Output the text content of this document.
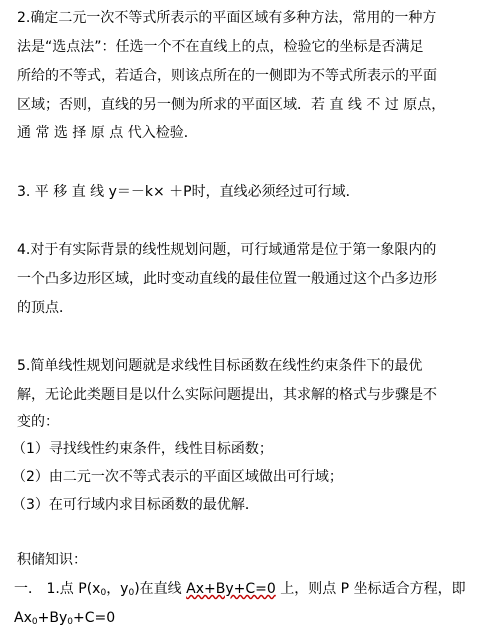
2.确定二元一次不等式所表示的平面区域有多种方法，常用的一种方
法是“选点法”：任选一个不在直线上的点，检验它的坐标是否满足
所给的不等式，若适合，则该点所在的一侧即为不等式所表示的平面
区域；否则，直线的另一侧为所求的平面区域．若 直 线 不 过 原点，
通 常 选 择 原 点 代入检验．
3. 平 移 直 线 y＝－k× ＋P时，直线必须经过可行域．
4.对于有实际背景的线性规划问题，可行域通常是位于第一象限内的
一个凸多边形区域，此时变动直线的最佳位置一般通过这个凸多边形
的顶点．
5.简单线性规划问题就是求线性目标函数在线性约束条件下的最优
解，无论此类题目是以什么实际问题提出，其求解的格式与步骤是不
变的：
（1）寻找线性约束条件，线性目标函数；
（2）由二元一次不等式表示的平面区域做出可行域；
（3）在可行域内求目标函数的最优解．
积储知识：
一． 1.点 $P(x_0$，$y_0$)在直线 Ax+By+C=0 上，则点 P 坐标适合方程，即
$Ax_0+By_0+C=0$
